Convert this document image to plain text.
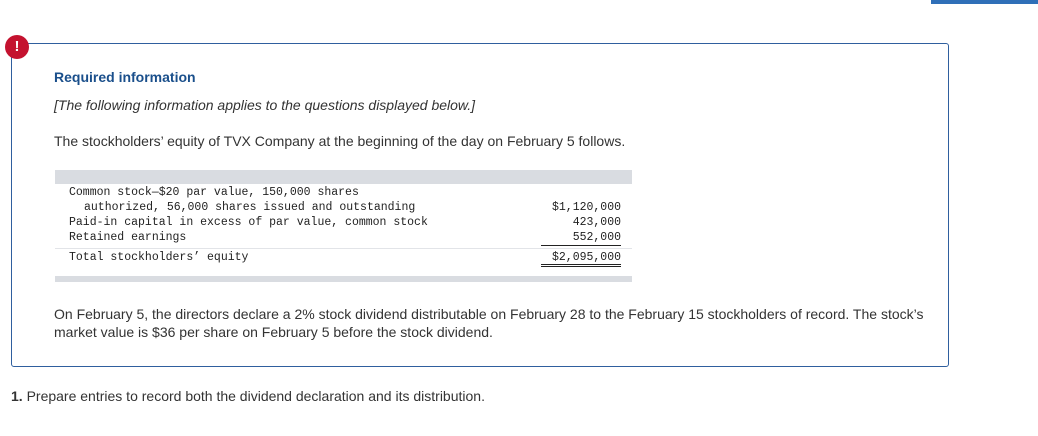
!
Required information
[The following information applies to the questions displayed below.]
The stockholders’ equity of TVX Company at the beginning of the day on February 5 follows.
Common stock—$20 par value, 150,000 shares
authorized, 56,000 shares issued and outstanding	$1,120,000
Paid-in capital in excess of par value, common stock	423,000
Retained earnings	552,000
Total stockholders’ equity	$2,095,000
On February 5, the directors declare a 2% stock dividend distributable on February 28 to the February 15 stockholders of record. The stock’s market value is $36 per share on February 5 before the stock dividend.
1. Prepare entries to record both the dividend declaration and its distribution.
